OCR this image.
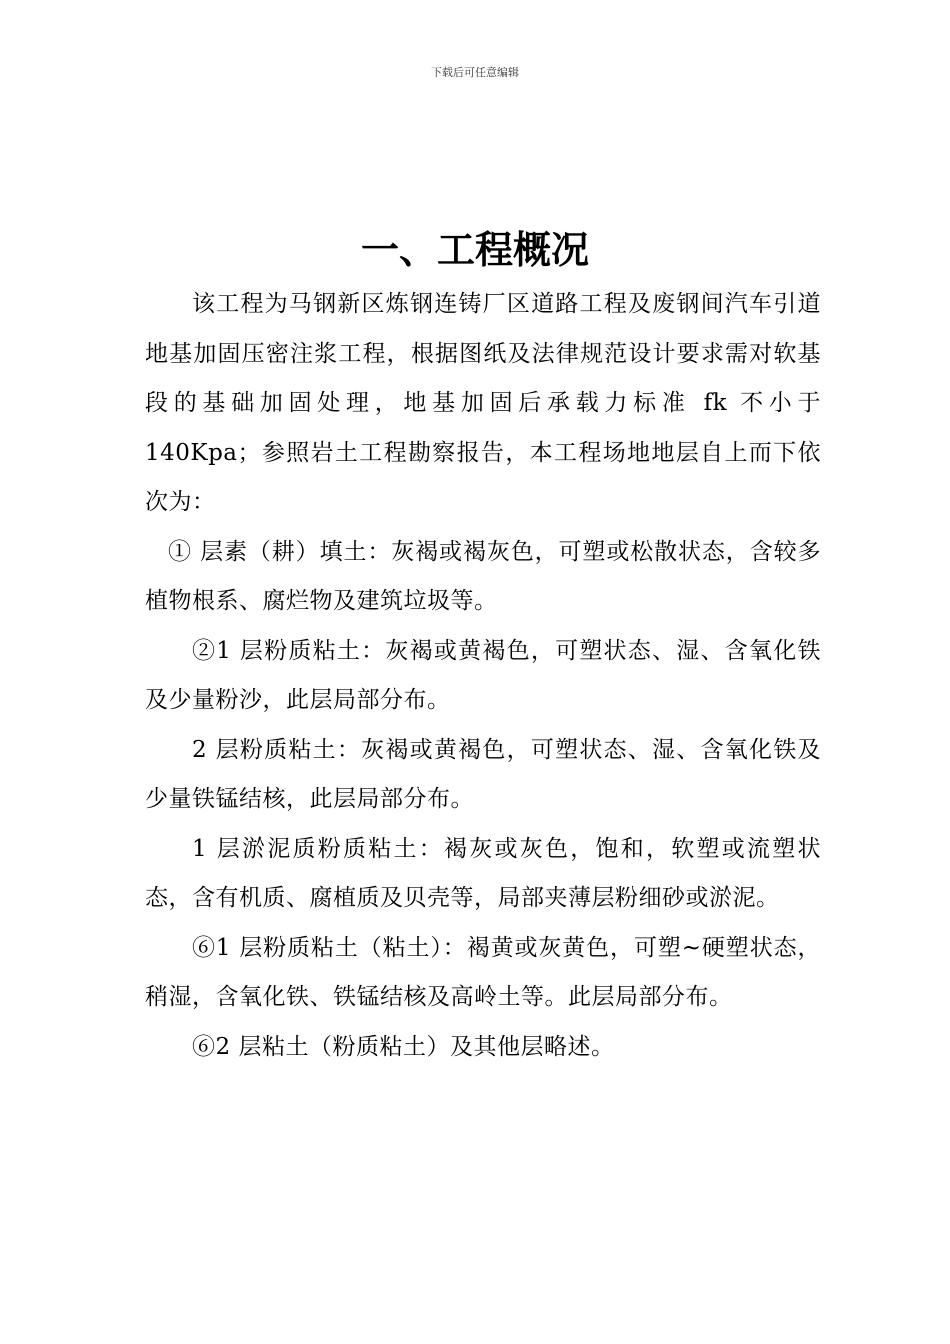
下载后可任意编辑
一、工程概况

该工程为马钢新区炼钢连铸厂区道路工程及废钢间汽车引道地基加固压密注浆工程，根据图纸及法律规范设计要求需对软基段的基础加固处理，地基加固后承载力标准 fk 不小于 140Kpa；参照岩土工程勘察报告，本工程场地地层自上而下依次为：

① 层素（耕）填土：灰褐或褐灰色，可塑或松散状态，含较多植物根系、腐烂物及建筑垃圾等。

②1 层粉质粘土：灰褐或黄褐色，可塑状态、湿、含氧化铁及少量粉沙，此层局部分布。

2 层粉质粘土：灰褐或黄褐色，可塑状态、湿、含氧化铁及少量铁锰结核，此层局部分布。

1 层淤泥质粉质粘土：褐灰或灰色，饱和，软塑或流塑状态，含有机质、腐植质及贝壳等，局部夹薄层粉细砂或淤泥。

⑥1 层粉质粘土（粘土）：褐黄或灰黄色，可塑~硬塑状态，稍湿，含氧化铁、铁锰结核及高岭土等。此层局部分布。

⑥2 层粘土（粉质粘土）及其他层略述。
